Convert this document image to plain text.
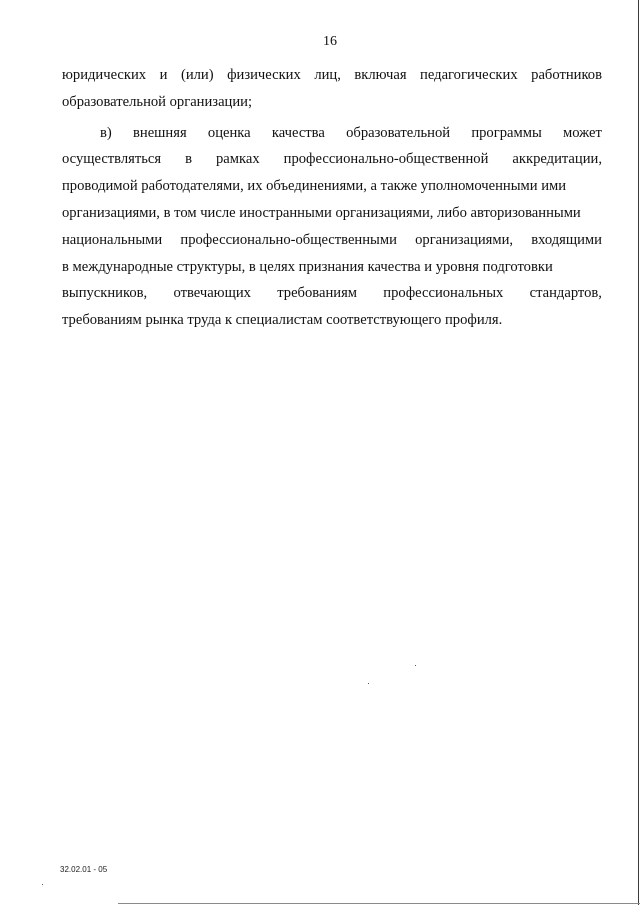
16
юридических и (или) физических лиц, включая педагогических работников
образовательной организации;
в) внешняя оценка качества образовательной программы может
осуществляться в рамках профессионально-общественной аккредитации,
проводимой работодателями, их объединениями, а также уполномоченными ими
организациями, в том числе иностранными организациями, либо авторизованными
национальными профессионально-общественными организациями, входящими
в международные структуры, в целях признания качества и уровня подготовки
выпускников, отвечающих требованиям профессиональных стандартов,
требованиям рынка труда к специалистам соответствующего профиля.
32.02.01 - 05
